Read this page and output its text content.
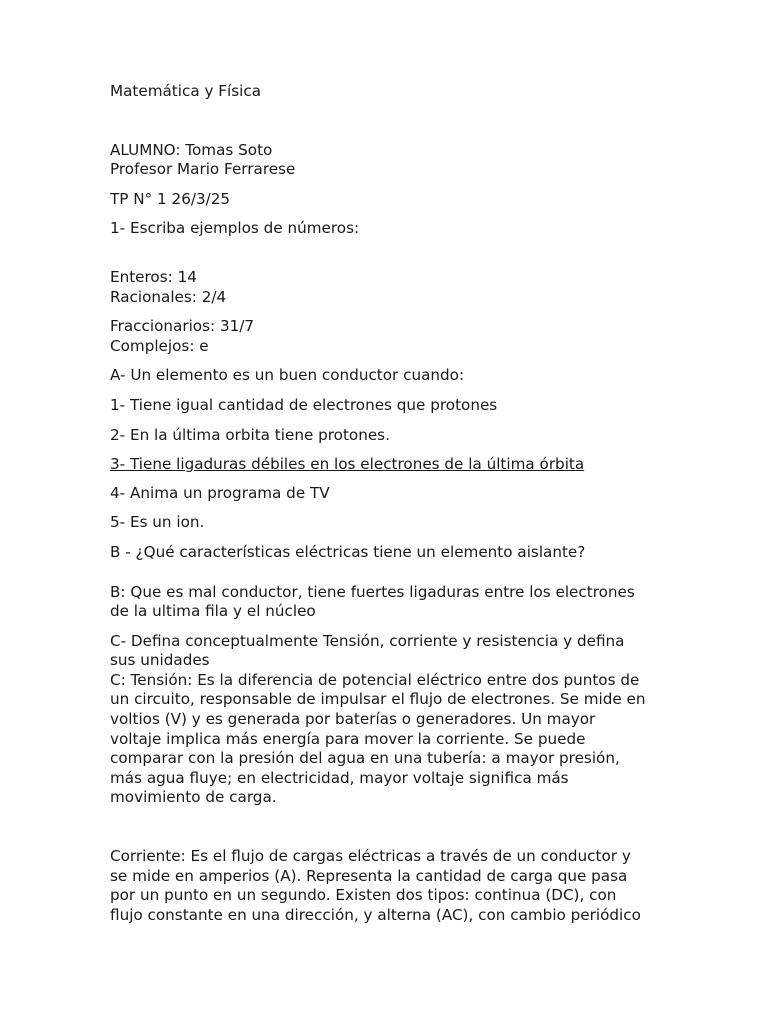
Matemática y Física

ALUMNO: Tomas Soto

Profesor Mario Ferrarese

TP N° 1 26/3/25

1- Escriba ejemplos de números:

Enteros: 14

Racionales: 2/4

Fraccionarios: 31/7

Complejos: e

A- Un elemento es un buen conductor cuando:

1- Tiene igual cantidad de electrones que protones

2- En la última orbita tiene protones.

3- Tiene ligaduras débiles en los electrones de la última órbita

4- Anima un programa de TV

5- Es un ion.

B - ¿Qué características eléctricas tiene un elemento aislante?

B: Que es mal conductor, tiene fuertes ligaduras entre los electrones

de la ultima fila y el núcleo

C- Defina conceptualmente Tensión, corriente y resistencia y defina

sus unidades

C: Tensión: Es la diferencia de potencial eléctrico entre dos puntos de
un circuito, responsable de impulsar el flujo de electrones. Se mide en
voltios (V) y es generada por baterías o generadores. Un mayor
voltaje implica más energía para mover la corriente. Se puede
comparar con la presión del agua en una tubería: a mayor presión,
más agua fluye; en electricidad, mayor voltaje significa más
movimiento de carga.
Corriente: Es el flujo de cargas eléctricas a través de un conductor y
se mide en amperios (A). Representa la cantidad de carga que pasa
por un punto en un segundo. Existen dos tipos: continua (DC), con
flujo constante en una dirección, y alterna (AC), con cambio periódico
